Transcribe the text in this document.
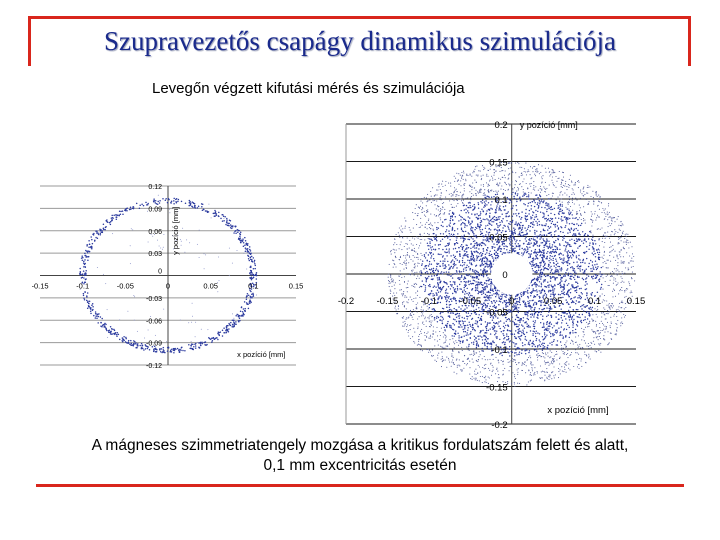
Szupravezetős csapágy dinamikus szimulációja
Levegőn végzett kifutási mérés és szimulációja
-0.15	-0.1	-0.05	0	0.05	0.1	0.15
0.12
0.09
0.06
0.03
0
-0.03
-0.06
-0.09
-0.12
y pozíció [mm]
x pozíció [mm]
-0.2 -0.15 -0.1 -0.05	0	0.05	0.1	0.15
0.2
0.15
0.1
0.05
0
-0.05
-0.1
-0.15
-0.2
y pozíció [mm]
x pozíció [mm]
A mágneses szimmetriatengely mozgása a kritikus fordulatszám felett és alatt,
0,1 mm excentricitás esetén
